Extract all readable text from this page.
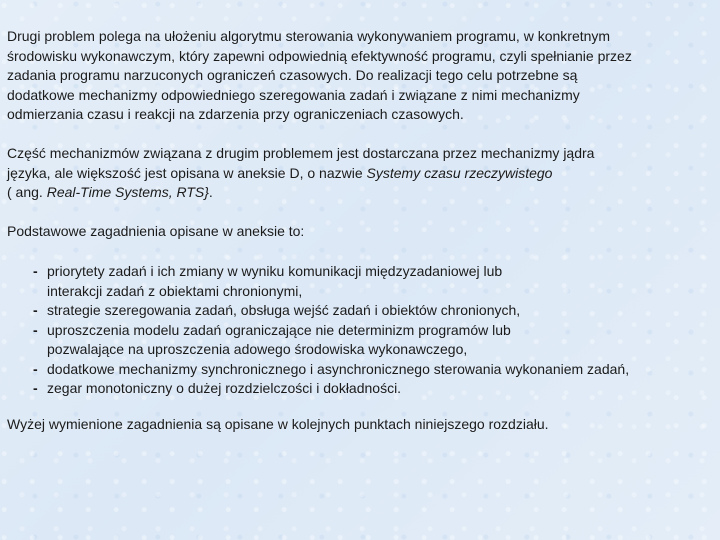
Drugi problem polega na ułożeniu algorytmu sterowania wykonywaniem programu, w konkretnym
środowisku wykonawczym, który zapewni odpowiednią efektywność programu, czyli spełnianie przez
zadania programu narzuconych ograniczeń czasowych. Do realizacji tego celu potrzebne są
dodatkowe mechanizmy odpowiedniego szeregowania zadań i związane z nimi mechanizmy
odmierzania czasu i reakcji na zdarzenia przy ograniczeniach czasowych.
Część mechanizmów związana z drugim problemem jest dostarczana przez mechanizmy jądra
języka, ale większość jest opisana w aneksie D, o nazwie Systemy czasu rzeczywistego
( ang. Real-Time Systems, RTS}.
Podstawowe zagadnienia opisane w aneksie to:
- priorytety zadań i ich zmiany w wyniku komunikacji międzyzadaniowej lub
interakcji zadań z obiektami chronionymi,
- strategie szeregowania zadań, obsługa wejść zadań i obiektów chronionych,
- uproszczenia modelu zadań ograniczające nie determinizm programów lub
pozwalające na uproszczenia adowego środowiska wykonawczego,
- dodatkowe mechanizmy synchronicznego i asynchronicznego sterowania wykonaniem zadań,
- zegar monotoniczny o dużej rozdzielczości i dokładności.
Wyżej wymienione zagadnienia są opisane w kolejnych punktach niniejszego rozdziału.
